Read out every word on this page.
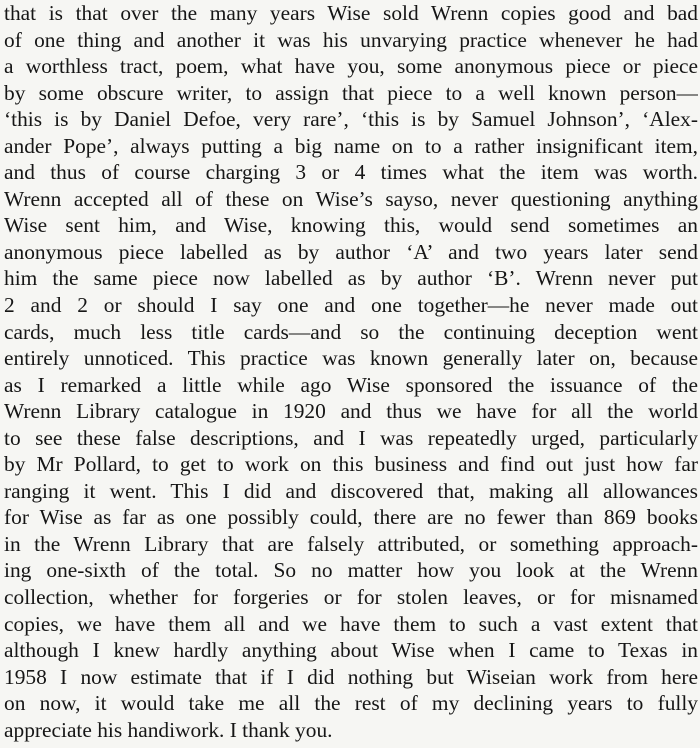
that is that over the many years Wise sold Wrenn copies good and bad
of one thing and another it was his unvarying practice whenever he had
a worthless tract, poem, what have you, some anonymous piece or piece
by some obscure writer, to assign that piece to a well known person—
‘this is by Daniel Defoe, very rare’, ‘this is by Samuel Johnson’, ‘Alex-
ander Pope’, always putting a big name on to a rather insignificant item,
and thus of course charging 3 or 4 times what the item was worth.
Wrenn accepted all of these on Wise’s sayso, never questioning anything
Wise sent him, and Wise, knowing this, would send sometimes an
anonymous piece labelled as by author ‘A’ and two years later send
him the same piece now labelled as by author ‘B’. Wrenn never put
2 and 2 or should I say one and one together—he never made out
cards, much less title cards—and so the continuing deception went
entirely unnoticed. This practice was known generally later on, because
as I remarked a little while ago Wise sponsored the issuance of the
Wrenn Library catalogue in 1920 and thus we have for all the world
to see these false descriptions, and I was repeatedly urged, particularly
by Mr Pollard, to get to work on this business and find out just how far
ranging it went. This I did and discovered that, making all allowances
for Wise as far as one possibly could, there are no fewer than 869 books
in the Wrenn Library that are falsely attributed, or something approach-
ing one-sixth of the total. So no matter how you look at the Wrenn
collection, whether for forgeries or for stolen leaves, or for misnamed
copies, we have them all and we have them to such a vast extent that
although I knew hardly anything about Wise when I came to Texas in
1958 I now estimate that if I did nothing but Wiseian work from here
on now, it would take me all the rest of my declining years to fully
appreciate his handiwork. I thank you.
